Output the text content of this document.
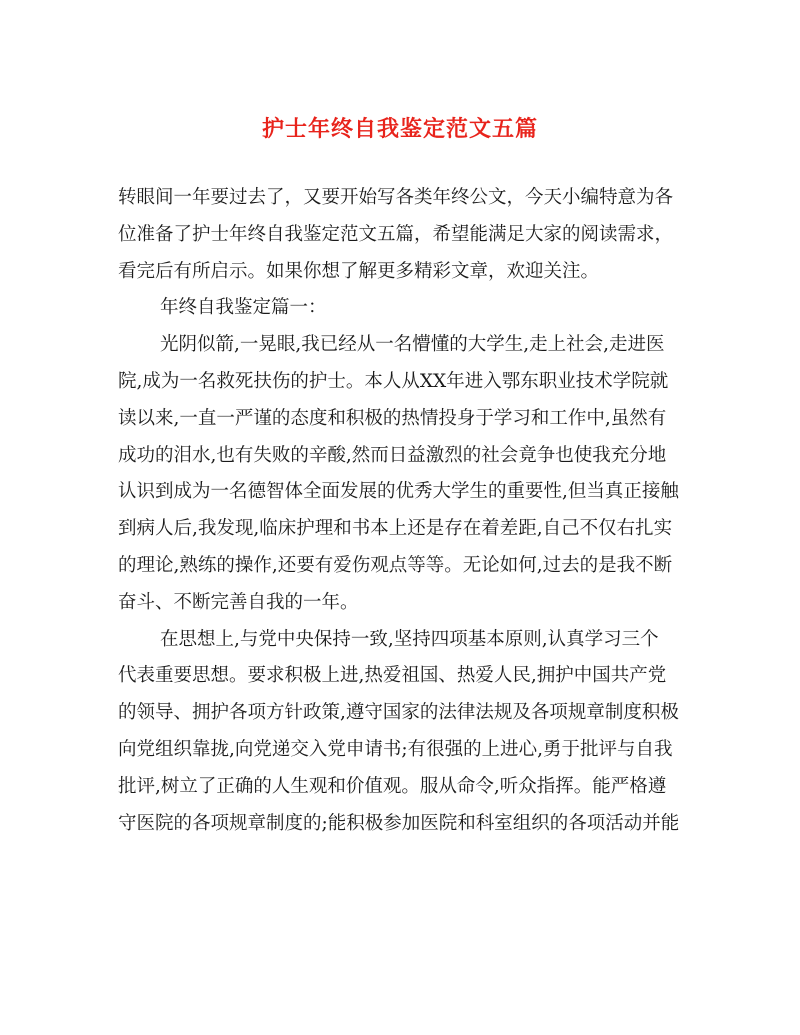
护士年终自我鉴定范文五篇
转眼间一年要过去了，又要开始写各类年终公文，今天小编特意为各
位准备了护士年终自我鉴定范文五篇，希望能满足大家的阅读需求，
看完后有所启示。如果你想了解更多精彩文章，欢迎关注。
年终自我鉴定篇一：
光阴似箭,一晃眼,我已经从一名懵懂的大学生,走上社会,走进医
院,成为一名救死扶伤的护士。本人从XX年进入鄂东职业技术学院就
读以来,一直一严谨的态度和积极的热情投身于学习和工作中,虽然有
成功的泪水,也有失败的辛酸,然而日益激烈的社会竟争也使我充分地
认识到成为一名德智体全面发展的优秀大学生的重要性,但当真正接触
到病人后,我发现,临床护理和书本上还是存在着差距,自己不仅右扎实
的理论,熟练的操作,还要有爱伤观点等等。无论如何,过去的是我不断
奋斗、不断完善自我的一年。
在思想上,与党中央保持一致,坚持四项基本原则,认真学习三个
代表重要思想。要求积极上进,热爱祖国、热爱人民,拥护中国共产党
的领导、拥护各项方针政策,遵守国家的法律法规及各项规章制度积极
向党组织靠拢,向党递交入党申请书;有很强的上进心,勇于批评与自我
批评,树立了正确的人生观和价值观。服从命令,听众指挥。能严格遵
守医院的各项规章制度的;能积极参加医院和科室组织的各项活动并能
